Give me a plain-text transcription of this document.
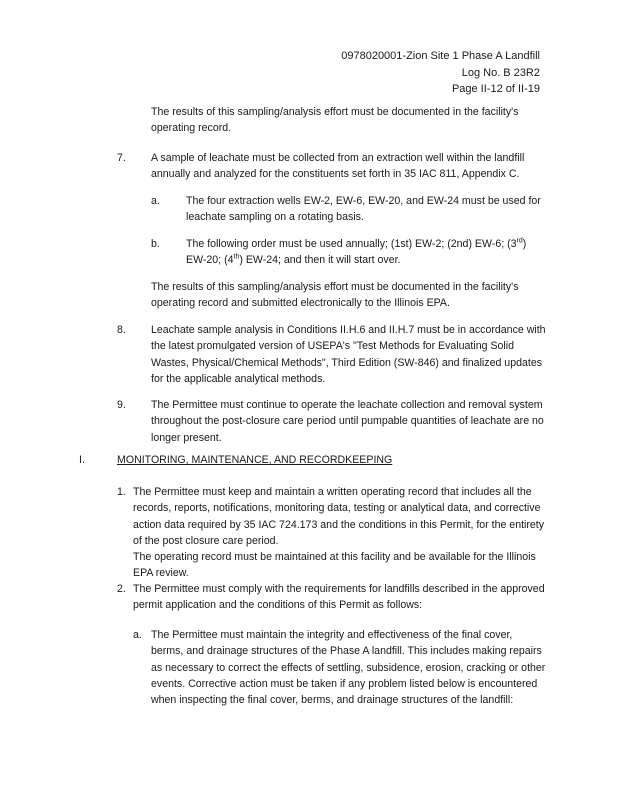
0978020001-Zion Site 1 Phase A Landfill
Log No. B 23R2
Page II-12 of II-19
The results of this sampling/analysis effort must be documented in the facility's operating record.
7. A sample of leachate must be collected from an extraction well within the landfill annually and analyzed for the constituents set forth in 35 IAC 811, Appendix C.
a. The four extraction wells EW-2, EW-6, EW-20, and EW-24 must be used for leachate sampling on a rotating basis.
b. The following order must be used annually; (1st) EW-2; (2nd) EW-6; (3rd) EW-20; (4th) EW-24; and then it will start over.
The results of this sampling/analysis effort must be documented in the facility's operating record and submitted electronically to the Illinois EPA.
8. Leachate sample analysis in Conditions II.H.6 and II.H.7 must be in accordance with the latest promulgated version of USEPA's "Test Methods for Evaluating Solid Wastes, Physical/Chemical Methods", Third Edition (SW-846) and finalized updates for the applicable analytical methods.
9. The Permittee must continue to operate the leachate collection and removal system throughout the post-closure care period until pumpable quantities of leachate are no longer present.
I.	MONITORING, MAINTENANCE, AND RECORDKEEPING
1. The Permittee must keep and maintain a written operating record that includes all the records, reports, notifications, monitoring data, testing or analytical data, and corrective action data required by 35 IAC 724.173 and the conditions in this Permit, for the entirety of the post closure care period.
The operating record must be maintained at this facility and be available for the Illinois EPA review.
2. The Permittee must comply with the requirements for landfills described in the approved permit application and the conditions of this Permit as follows:
a. The Permittee must maintain the integrity and effectiveness of the final cover, berms, and drainage structures of the Phase A landfill. This includes making repairs as necessary to correct the effects of settling, subsidence, erosion, cracking or other events. Corrective action must be taken if any problem listed below is encountered when inspecting the final cover, berms, and drainage structures of the landfill:
